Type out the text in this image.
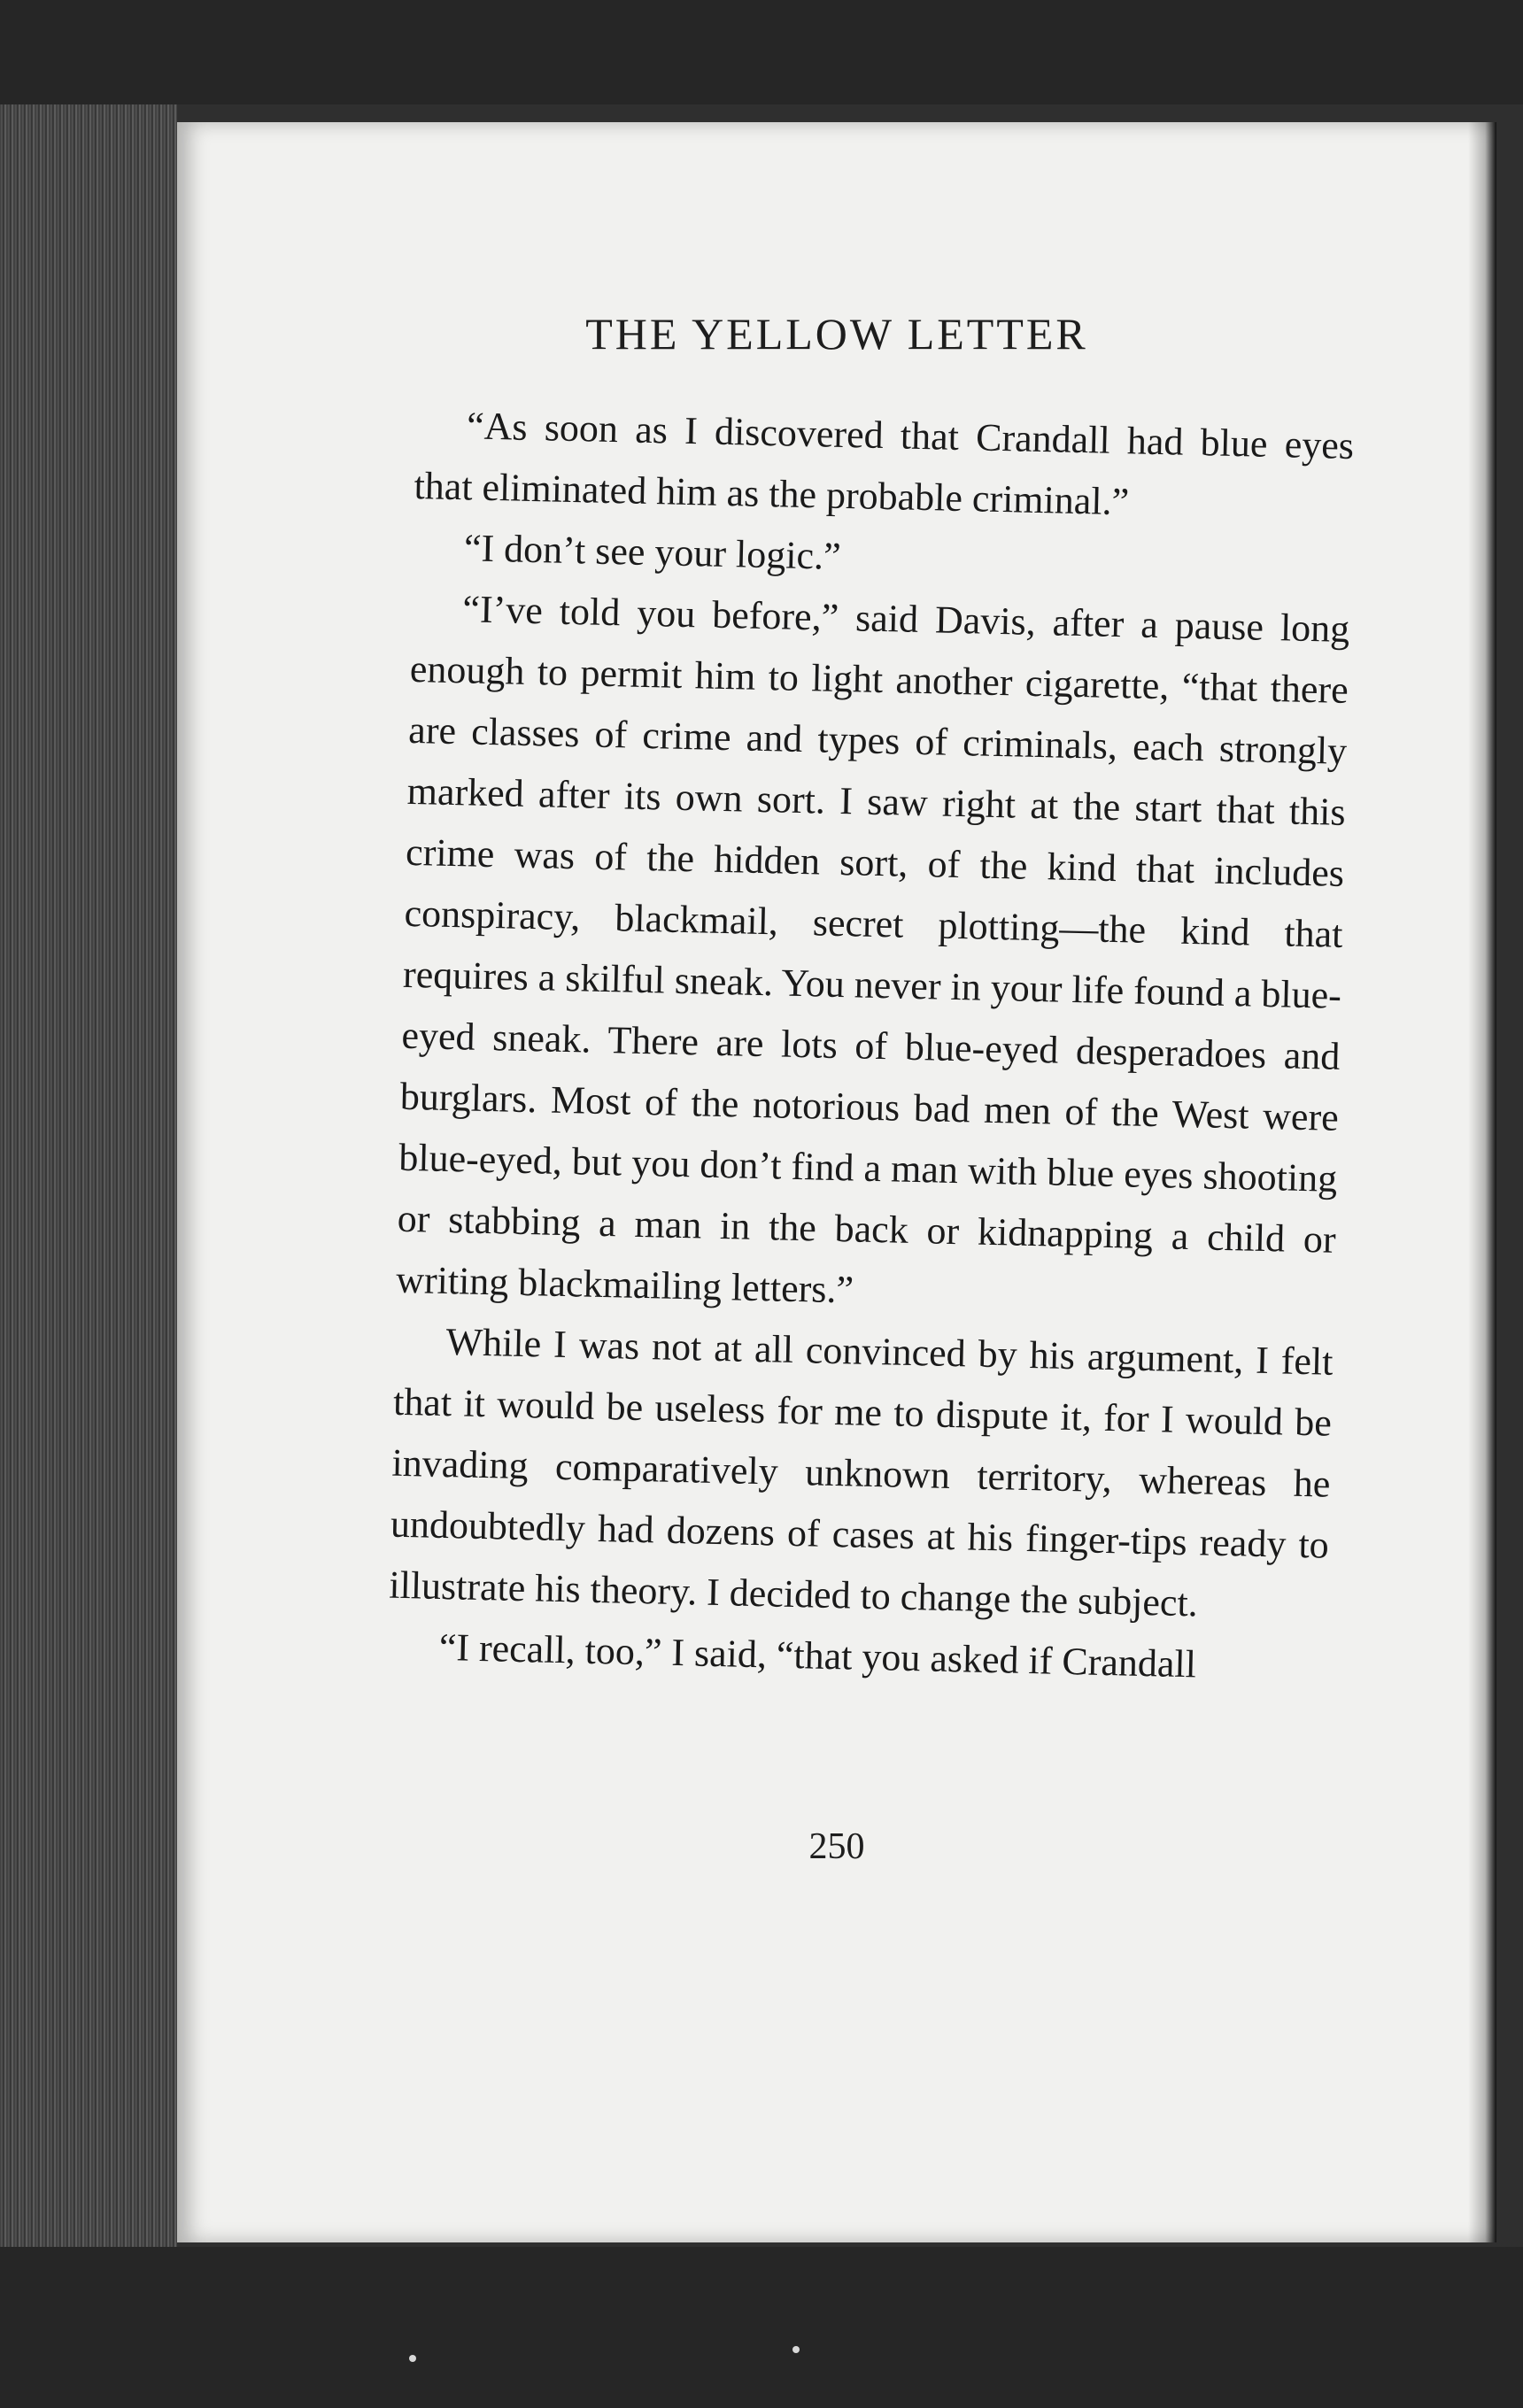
THE YELLOW LETTER

“As soon as I discovered that Crandall had blue eyes that eliminated him as the probable criminal.”

“I don’t see your logic.”

“I’ve told you before,” said Davis, after a pause long enough to permit him to light another cigarette, “that there are classes of crime and types of criminals, each strongly marked after its own sort. I saw right at the start that this crime was of the hidden sort, of the kind that includes conspiracy, blackmail, secret plotting—the kind that requires a skilful sneak. You never in your life found a blue-eyed sneak. There are lots of blue-eyed desperadoes and burglars. Most of the notorious bad men of the West were blue-eyed, but you don’t find a man with blue eyes shooting or stabbing a man in the back or kidnapping a child or writing blackmailing letters.”

While I was not at all convinced by his argument, I felt that it would be useless for me to dispute it, for I would be invading comparatively unknown territory, whereas he undoubtedly had dozens of cases at his finger-tips ready to illustrate his theory. I decided to change the subject.

“I recall, too,” I said, “that you asked if Crandall

250
